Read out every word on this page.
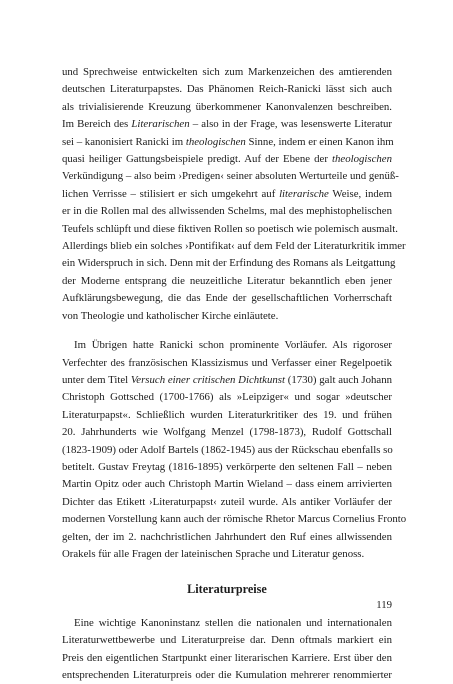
und Sprechweise entwickelten sich zum Markenzeichen des amtierenden

deutschen Literaturpapstes. Das Phänomen Reich-Ranicki lässt sich auch

als trivialisierende Kreuzung überkommener Kanonvalenzen beschreiben.

Im Bereich des Literarischen – also in der Frage, was lesenswerte Literatur

sei – kanonisiert Ranicki im theologischen Sinne, indem er einen Kanon ihm

quasi heiliger Gattungsbeispiele predigt. Auf der Ebene der theologischen

Verkündigung – also beim ›Predigen‹ seiner absoluten Werturteile und genüß-

lichen Verrisse – stilisiert er sich umgekehrt auf literarische Weise, indem

er in die Rollen mal des allwissenden Schelms, mal des mephistophelischen

Teufels schlüpft und diese fiktiven Rollen so poetisch wie polemisch ausmalt.

Allerdings blieb ein solches ›Pontifikat‹ auf dem Feld der Literaturkritik immer

ein Widerspruch in sich. Denn mit der Erfindung des Romans als Leitgattung

der Moderne entsprang die neuzeitliche Literatur bekanntlich eben jener

Aufklärungsbewegung, die das Ende der gesellschaftlichen Vorherrschaft

von Theologie und katholischer Kirche einläutete.

Im Übrigen hatte Ranicki schon prominente Vorläufer. Als rigoroser

Verfechter des französischen Klassizismus und Verfasser einer Regelpoetik

unter dem Titel Versuch einer critischen Dichtkunst (1730) galt auch Johann

Christoph Gottsched (1700-1766) als »Leipziger« und sogar »deutscher

Literaturpapst«. Schließlich wurden Literaturkritiker des 19. und frühen

20. Jahrhunderts wie Wolfgang Menzel (1798-1873), Rudolf Gottschall

(1823-1909) oder Adolf Bartels (1862-1945) aus der Rückschau ebenfalls so

betitelt. Gustav Freytag (1816-1895) verkörperte den seltenen Fall – neben

Martin Opitz oder auch Christoph Martin Wieland – dass einem arrivierten

Dichter das Etikett ›Literaturpapst‹ zuteil wurde. Als antiker Vorläufer der

modernen Vorstellung kann auch der römische Rhetor Marcus Cornelius Fronto

gelten, der im 2. nachchristlichen Jahrhundert den Ruf eines allwissenden

Orakels für alle Fragen der lateinischen Sprache und Literatur genoss.

Literaturpreise

Eine wichtige Kanoninstanz stellen die nationalen und internationalen

Literaturwettbewerbe und Literaturpreise dar. Denn oftmals markiert ein

Preis den eigentlichen Startpunkt einer literarischen Karriere. Erst über den

entsprechenden Literaturpreis oder die Kumulation mehrerer renommierter

119
